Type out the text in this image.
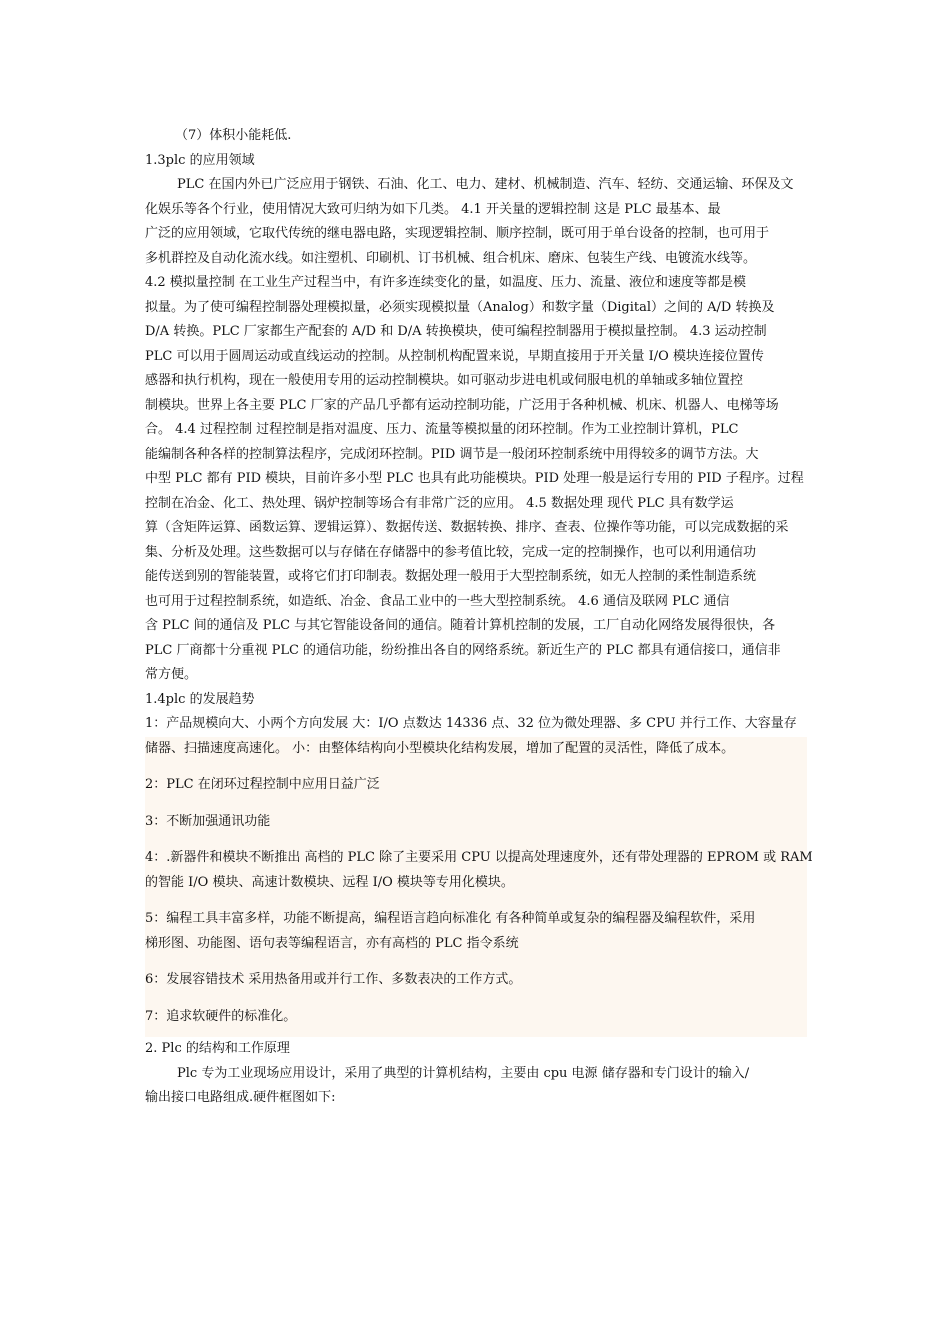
（7）体积小能耗低.
1.3plc 的应用领域
PLC 在国内外已广泛应用于钢铁、石油、化工、电力、建材、机械制造、汽车、轻纺、交通运输、环保及文
化娱乐等各个行业，使用情况大致可归纳为如下几类。 4.1 开关量的逻辑控制 这是 PLC 最基本、最
广泛的应用领域，它取代传统的继电器电路，实现逻辑控制、顺序控制，既可用于单台设备的控制，也可用于
多机群控及自动化流水线。如注塑机、印刷机、订书机械、组合机床、磨床、包装生产线、电镀流水线等。
4.2 模拟量控制 在工业生产过程当中，有许多连续变化的量，如温度、压力、流量、液位和速度等都是模
拟量。为了使可编程控制器处理模拟量，必须实现模拟量（Analog）和数字量（Digital）之间的 A/D 转换及
D/A 转换。PLC 厂家都生产配套的 A/D 和 D/A 转换模块，使可编程控制器用于模拟量控制。 4.3 运动控制
PLC 可以用于圆周运动或直线运动的控制。从控制机构配置来说，早期直接用于开关量 I/O 模块连接位置传
感器和执行机构，现在一般使用专用的运动控制模块。如可驱动步进电机或伺服电机的单轴或多轴位置控
制模块。世界上各主要 PLC 厂家的产品几乎都有运动控制功能，广泛用于各种机械、机床、机器人、电梯等场
合。 4.4 过程控制 过程控制是指对温度、压力、流量等模拟量的闭环控制。作为工业控制计算机，PLC
能编制各种各样的控制算法程序，完成闭环控制。PID 调节是一般闭环控制系统中用得较多的调节方法。大
中型 PLC 都有 PID 模块，目前许多小型 PLC 也具有此功能模块。PID 处理一般是运行专用的 PID 子程序。过程
控制在冶金、化工、热处理、锅炉控制等场合有非常广泛的应用。 4.5 数据处理 现代 PLC 具有数学运
算（含矩阵运算、函数运算、逻辑运算）、数据传送、数据转换、排序、查表、位操作等功能，可以完成数据的采
集、分析及处理。这些数据可以与存储在存储器中的参考值比较，完成一定的控制操作，也可以利用通信功
能传送到别的智能装置，或将它们打印制表。数据处理一般用于大型控制系统，如无人控制的柔性制造系统
也可用于过程控制系统，如造纸、冶金、食品工业中的一些大型控制系统。 4.6 通信及联网 PLC 通信
含 PLC 间的通信及 PLC 与其它智能设备间的通信。随着计算机控制的发展，工厂自动化网络发展得很快，各
PLC 厂商都十分重视 PLC 的通信功能，纷纷推出各自的网络系统。新近生产的 PLC 都具有通信接口，通信非
常方便。
1.4plc 的发展趋势
1：产品规模向大、小两个方向发展 大：I/O 点数达 14336 点、32 位为微处理器、多 CPU 并行工作、大容量存
储器、扫描速度高速化。 小：由整体结构向小型模块化结构发展，增加了配置的灵活性，降低了成本。
2：PLC 在闭环过程控制中应用日益广泛
3：不断加强通讯功能
4：.新器件和模块不断推出 高档的 PLC 除了主要采用 CPU 以提高处理速度外，还有带处理器的 EPROM 或 RAM
的智能 I/O 模块、高速计数模块、远程 I/O 模块等专用化模块。
5：编程工具丰富多样，功能不断提高，编程语言趋向标准化 有各种简单或复杂的编程器及编程软件，采用
梯形图、功能图、语句表等编程语言，亦有高档的 PLC 指令系统
6：发展容错技术 采用热备用或并行工作、多数表决的工作方式。
7：追求软硬件的标准化。
2. Plc 的结构和工作原理
Plc 专为工业现场应用设计，采用了典型的计算机结构，主要由 cpu 电源 储存器和专门设计的输入/
输出接口电路组成.硬件框图如下:
